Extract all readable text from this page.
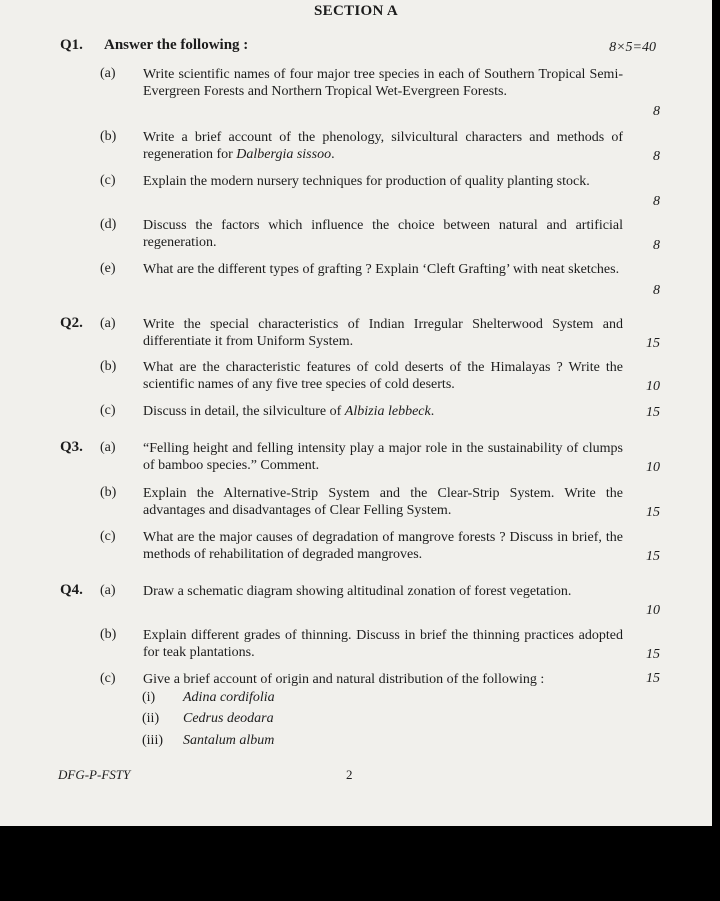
SECTION A
Q1. Answer the following :	8×5=40
(a) Write scientific names of four major tree species in each of Southern Tropical Semi-Evergreen Forests and Northern Tropical Wet-Evergreen Forests.
8
(b) Write a brief account of the phenology, silvicultural characters and methods of regeneration for Dalbergia sissoo.	8
(c) Explain the modern nursery techniques for production of quality planting stock.
8
(d) Discuss the factors which influence the choice between natural and artificial regeneration.	8
(e) What are the different types of grafting ? Explain ‘Cleft Grafting’ with neat sketches.
8
Q2. (a) Write the special characteristics of Indian Irregular Shelterwood System and differentiate it from Uniform System.	15
(b) What are the characteristic features of cold deserts of the Himalayas ? Write the scientific names of any five tree species of cold deserts.	10
(c) Discuss in detail, the silviculture of Albizia lebbeck.	15
Q3. (a) “Felling height and felling intensity play a major role in the sustainability of clumps of bamboo species.” Comment.	10
(b) Explain the Alternative-Strip System and the Clear-Strip System. Write the advantages and disadvantages of Clear Felling System.	15
(c) What are the major causes of degradation of mangrove forests ? Discuss in brief, the methods of rehabilitation of degraded mangroves.	15
Q4. (a) Draw a schematic diagram showing altitudinal zonation of forest vegetation.
10
(b) Explain different grades of thinning. Discuss in brief the thinning practices adopted for teak plantations.	15
(c) Give a brief account of origin and natural distribution of the following :	15
(i) Adina cordifolia
(ii) Cedrus deodara
(iii) Santalum album
DFG-P-FSTY	2
